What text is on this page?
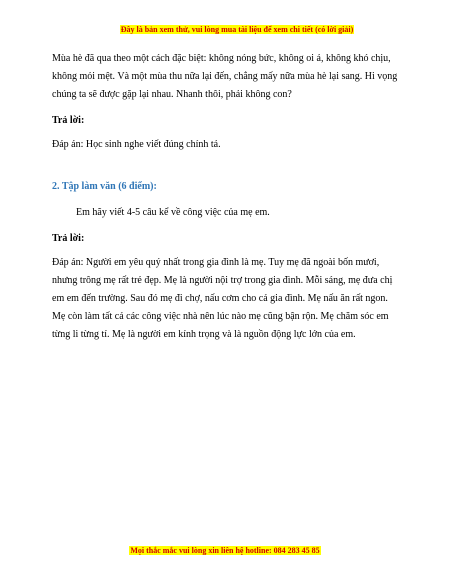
Đây là bản xem thử, vui lòng mua tài liệu để xem chi tiết (có lời giải)

Mùa hè đã qua theo một cách đặc biệt: không nóng bức, không oi ả, không khó chịu, không mỏi mệt. Và một mùa thu nữa lại đến, chẳng mấy nữa mùa hè lại sang. Hi vọng chúng ta sẽ được gặp lại nhau. Nhanh thôi, phải không con?

Trả lời:

Đáp án: Học sinh nghe viết đúng chính tả.

2. Tập làm văn (6 điểm):

Em hãy viết 4-5 câu kể về công việc của mẹ em.

Trả lời:

Đáp án: Người em yêu quý nhất trong gia đình là mẹ. Tuy mẹ đã ngoài bốn mươi, nhưng trông mẹ rất trẻ đẹp. Mẹ là người nội trợ trong gia đình. Mỗi sáng, mẹ đưa chị em em đến trường. Sau đó mẹ đi chợ, nấu cơm cho cả gia đình. Mẹ nấu ăn rất ngon. Mẹ còn làm tất cả các công việc nhà nên lúc nào mẹ cũng bận rộn. Mẹ chăm sóc em từng li từng tí. Mẹ là người em kính trọng và là nguồn động lực lớn của em.

Mọi thắc mắc vui lòng xin liên hệ hotline: 084 283 45 85
